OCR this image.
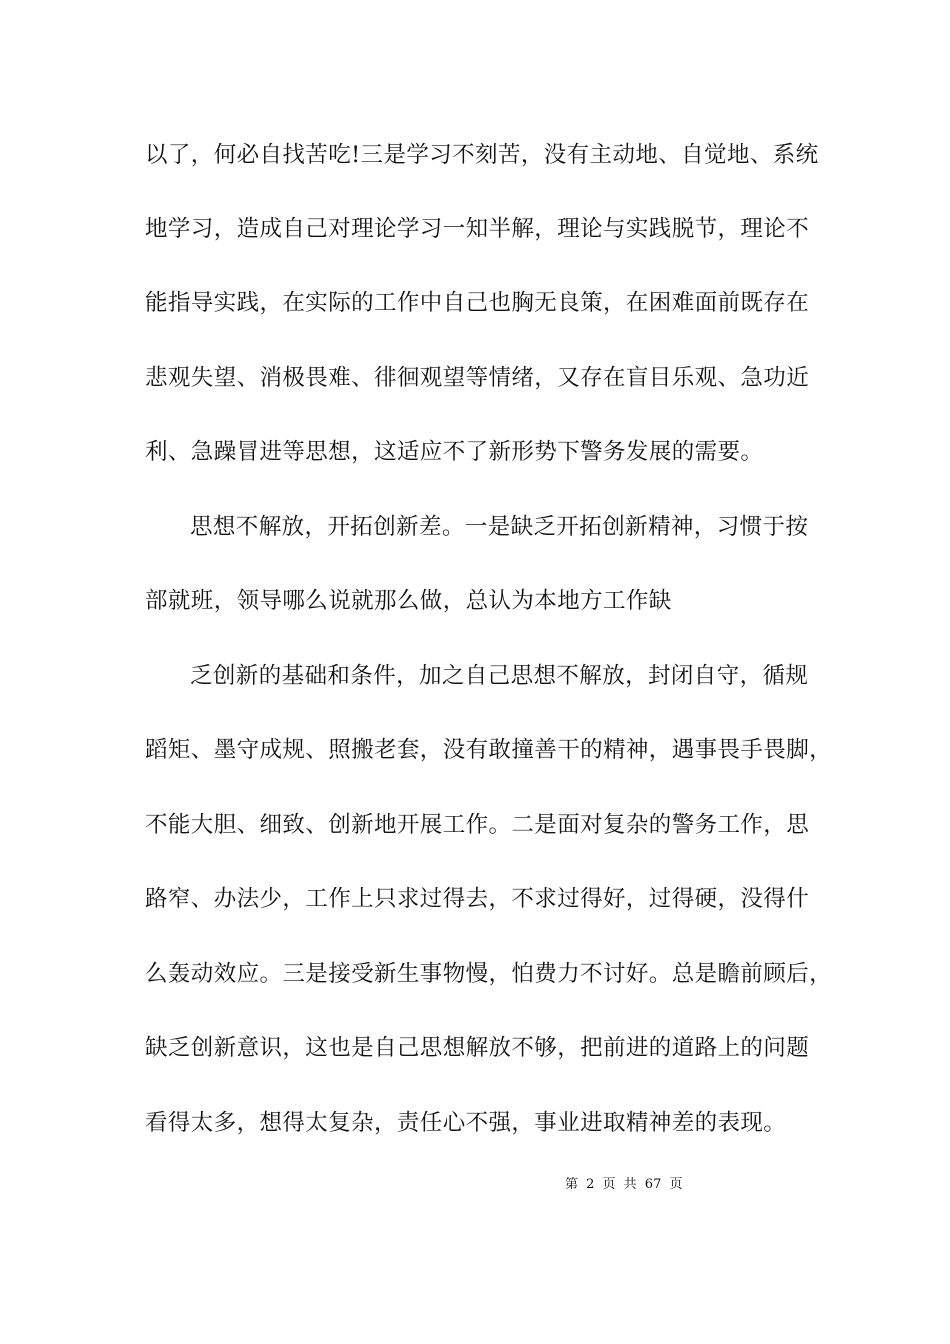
以了，何必自找苦吃!三是学习不刻苦，没有主动地、自觉地、系统
地学习，造成自己对理论学习一知半解，理论与实践脱节，理论不
能指导实践，在实际的工作中自己也胸无良策，在困难面前既存在
悲观失望、消极畏难、徘徊观望等情绪，又存在盲目乐观、急功近
利、急躁冒进等思想，这适应不了新形势下警务发展的需要。
思想不解放，开拓创新差。一是缺乏开拓创新精神，习惯于按
部就班，领导哪么说就那么做，总认为本地方工作缺
乏创新的基础和条件，加之自己思想不解放，封闭自守，循规
蹈矩、墨守成规、照搬老套，没有敢撞善干的精神，遇事畏手畏脚，
不能大胆、细致、创新地开展工作。二是面对复杂的警务工作，思
路窄、办法少，工作上只求过得去，不求过得好，过得硬，没得什
么轰动效应。三是接受新生事物慢，怕费力不讨好。总是瞻前顾后，
缺乏创新意识，这也是自己思想解放不够，把前进的道路上的问题
看得太多，想得太复杂，责任心不强，事业进取精神差的表现。
第 2 页 共 67 页
